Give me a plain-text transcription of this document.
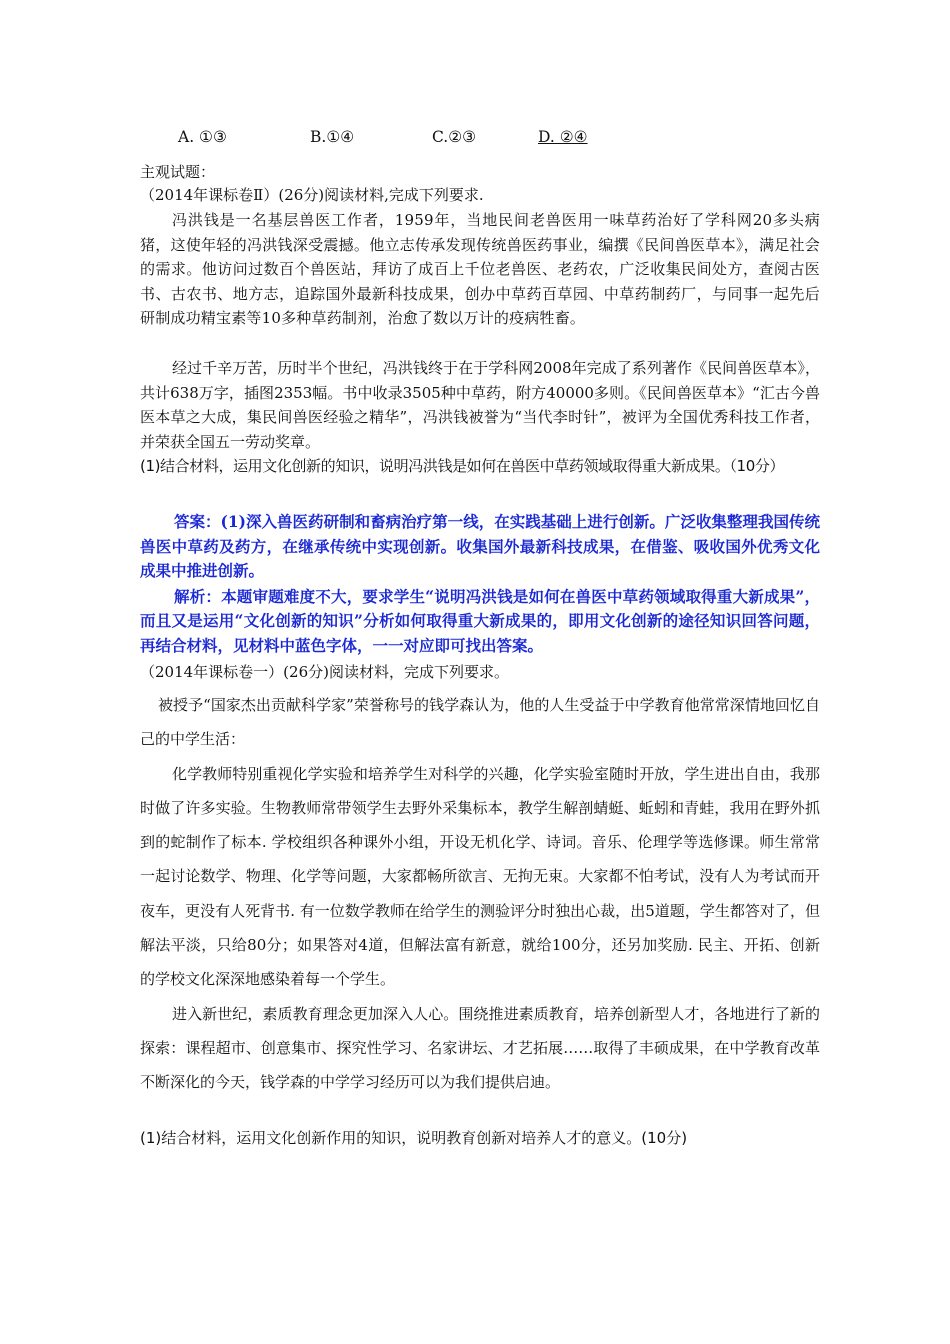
A. ①③	B.①④	C.②③	D. ②④
主观试题：
（2014年课标卷Ⅱ）(26分)阅读材料,完成下列要求.

冯洪钱是一名基层兽医工作者，1959年，当地民间老兽医用一味草药治好了学科网20多头病猪，这使年轻的冯洪钱深受震撼。他立志传承发现传统兽医药事业，编撰《民间兽医草本》，满足社会的需求。他访问过数百个兽医站，拜访了成百上千位老兽医、老药农，广泛收集民间处方，查阅古医书、古农书、地方志，追踪国外最新科技成果，创办中草药百草园、中草药制药厂，与同事一起先后研制成功精宝素等10多种草药制剂，治愈了数以万计的疫病牲畜。

经过千辛万苦，历时半个世纪，冯洪钱终于在于学科网2008年完成了系列著作《民间兽医草本》，共计638万字，插图2353幅。书中收录3505种中草药，附方40000多则。《民间兽医草本》“汇古今兽医本草之大成，集民间兽医经验之精华”，冯洪钱被誉为“当代李时针”，被评为全国优秀科技工作者，并荣获全国五一劳动奖章。

(1)结合材料，运用文化创新的知识，说明冯洪钱是如何在兽医中草药领域取得重大新成果。（10分）

答案：(1)深入兽医药研制和畜病治疗第一线，在实践基础上进行创新。广泛收集整理我国传统兽医中草药及药方，在继承传统中实现创新。收集国外最新科技成果，在借鉴、吸收国外优秀文化成果中推进创新。

解析：本题审题难度不大，要求学生“说明冯洪钱是如何在兽医中草药领域取得重大新成果”，而且又是运用“文化创新的知识”分析如何取得重大新成果的，即用文化创新的途径知识回答问题，再结合材料，见材料中蓝色字体，一一对应即可找出答案。

（2014年课标卷一）(26分)阅读材料，完成下列要求。

被授予“国家杰出贡献科学家”荣誉称号的钱学森认为，他的人生受益于中学教育他常常深情地回忆自己的中学生活：

化学教师特别重视化学实验和培养学生对科学的兴趣，化学实验室随时开放，学生进出自由，我那时做了许多实验。生物教师常带领学生去野外采集标本，教学生解剖蜻蜓、蚯蚓和青蛙，我用在野外抓到的蛇制作了标本. 学校组织各种课外小组，开设无机化学、诗词。音乐、伦理学等选修课。师生常常一起讨论数学、物理、化学等问题，大家都畅所欲言、无拘无束。大家都不怕考试，没有人为考试而开夜车，更没有人死背书. 有一位数学教师在给学生的测验评分时独出心裁，出5道题，学生都答对了，但解法平淡，只给80分；如果答对4道，但解法富有新意，就给100分，还另加奖励. 民主、开拓、创新的学校文化深深地感染着每一个学生。

进入新世纪，素质教育理念更加深入人心。围绕推进素质教育，培养创新型人才，各地进行了新的探索：课程超市、创意集市、探究性学习、名家讲坛、才艺拓展……取得了丰硕成果，在中学教育改革不断深化的今天，钱学森的中学学习经历可以为我们提供启迪。

(1)结合材料，运用文化创新作用的知识，说明教育创新对培养人才的意义。(10分)
